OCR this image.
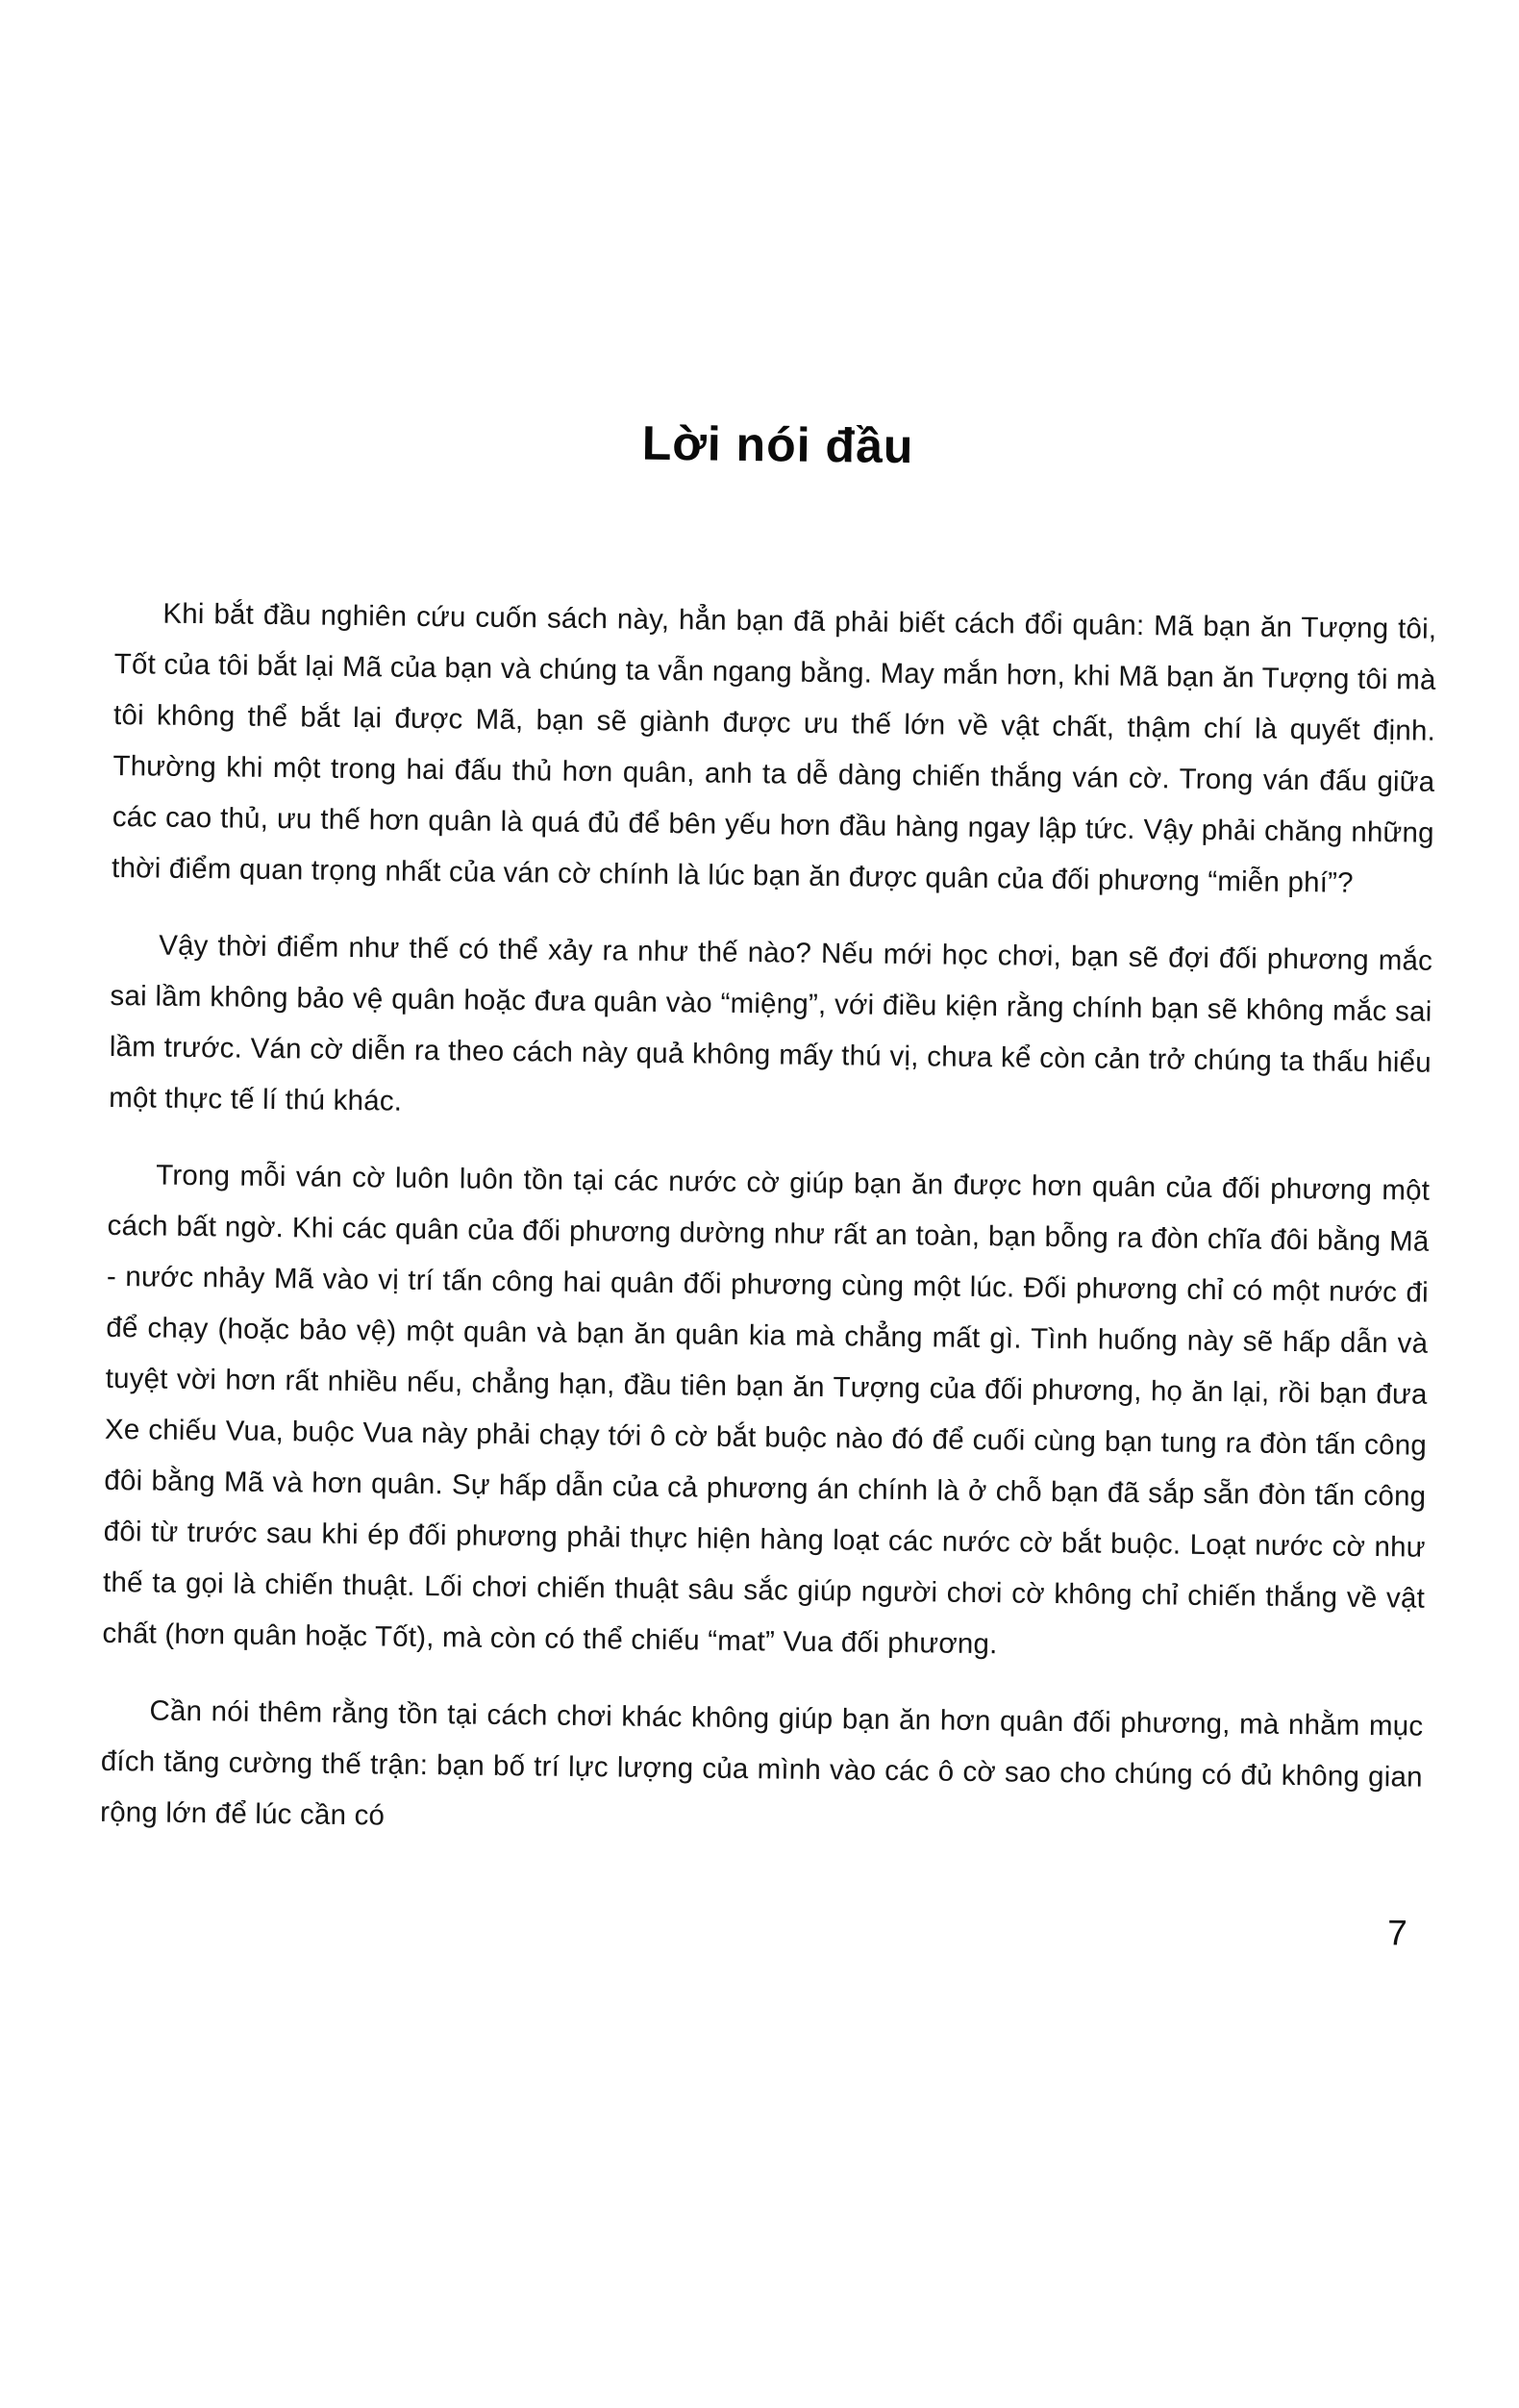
Lời nói đầu

Khi bắt đầu nghiên cứu cuốn sách này, hẳn bạn đã phải biết cách đổi quân: Mã bạn ăn Tượng tôi, Tốt của tôi bắt lại Mã của bạn và chúng ta vẫn ngang bằng. May mắn hơn, khi Mã bạn ăn Tượng tôi mà tôi không thể bắt lại được Mã, bạn sẽ giành được ưu thế lớn về vật chất, thậm chí là quyết định. Thường khi một trong hai đấu thủ hơn quân, anh ta dễ dàng chiến thắng ván cờ. Trong ván đấu giữa các cao thủ, ưu thế hơn quân là quá đủ để bên yếu hơn đầu hàng ngay lập tức. Vậy phải chăng những thời điểm quan trọng nhất của ván cờ chính là lúc bạn ăn được quân của đối phương “miễn phí”?

Vậy thời điểm như thế có thể xảy ra như thế nào? Nếu mới học chơi, bạn sẽ đợi đối phương mắc sai lầm không bảo vệ quân hoặc đưa quân vào “miệng”, với điều kiện rằng chính bạn sẽ không mắc sai lầm trước. Ván cờ diễn ra theo cách này quả không mấy thú vị, chưa kể còn cản trở chúng ta thấu hiểu một thực tế lí thú khác.

Trong mỗi ván cờ luôn luôn tồn tại các nước cờ giúp bạn ăn được hơn quân của đối phương một cách bất ngờ. Khi các quân của đối phương dường như rất an toàn, bạn bỗng ra đòn chĩa đôi bằng Mã - nước nhảy Mã vào vị trí tấn công hai quân đối phương cùng một lúc. Đối phương chỉ có một nước đi để chạy (hoặc bảo vệ) một quân và bạn ăn quân kia mà chẳng mất gì. Tình huống này sẽ hấp dẫn và tuyệt vời hơn rất nhiều nếu, chẳng hạn, đầu tiên bạn ăn Tượng của đối phương, họ ăn lại, rồi bạn đưa Xe chiếu Vua, buộc Vua này phải chạy tới ô cờ bắt buộc nào đó để cuối cùng bạn tung ra đòn tấn công đôi bằng Mã và hơn quân. Sự hấp dẫn của cả phương án chính là ở chỗ bạn đã sắp sẵn đòn tấn công đôi từ trước sau khi ép đối phương phải thực hiện hàng loạt các nước cờ bắt buộc. Loạt nước cờ như thế ta gọi là chiến thuật. Lối chơi chiến thuật sâu sắc giúp người chơi cờ không chỉ chiến thắng về vật chất (hơn quân hoặc Tốt), mà còn có thể chiếu “mat” Vua đối phương.

Cần nói thêm rằng tồn tại cách chơi khác không giúp bạn ăn hơn quân đối phương, mà nhằm mục đích tăng cường thế trận: bạn bố trí lực lượng của mình vào các ô cờ sao cho chúng có đủ không gian rộng lớn để lúc cần có

7
